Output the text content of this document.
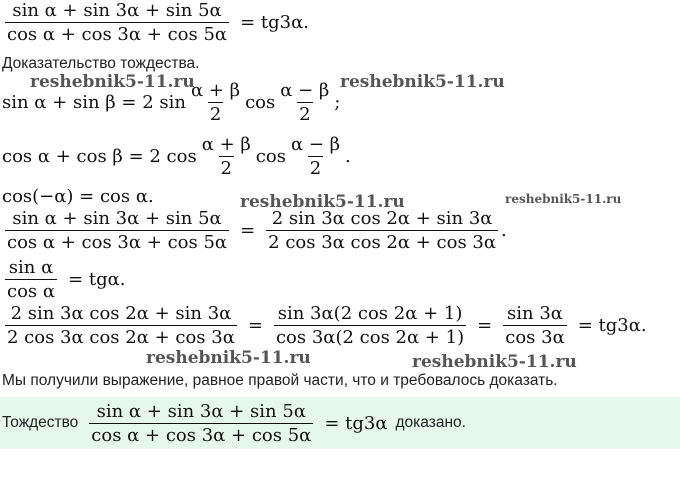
$\frac{\text{sin α + sin 3α + sin 5α}}{\text{cos α + cos 3α + cos 5α}} = tg3\alpha$.
Доказательство тождества.
sin α + sin β = 2 $\sin \frac{\alpha + \beta}{2}$ $\cos \frac{\alpha - \beta}{2}$ ;
cos α + cos β = 2 $\cos \frac{\alpha + \beta}{2}$ $\cos \frac{\alpha - \beta}{2}$ .
cos(−α) = cos α.
$\frac{\text{sin α + sin 3α + sin 5α}}{\text{cos α + cos 3α + cos 5α}} = \frac{\text{2 sin 3α cos 2α + sin 3α}}{\text{2 cos 3α cos 2α + cos 3α}}$ .
$\frac{\text{sin α}}{\text{cos α}} = tg\alpha$.
$\frac{\text{2 sin 3α cos 2α + sin 3α}}{\text{2 cos 3α cos 2α + cos 3α}} = \frac{\sin 3\alpha(2 \cos 2\alpha + 1)}{\cos 3\alpha(2 \cos 2\alpha + 1)} = \frac{\sin 3\alpha}{\cos 3\alpha} = tg3\alpha$.
Мы получили выражение, равное правой части, что и требовалось доказать.
Тождество $\frac{\text{sin α + sin 3α + sin 5α}}{\text{cos α + cos 3α + cos 5α}} = tg3\alpha$ доказано.
reshebnik5-11.ru	reshebnik5-11.ru
reshebnik5-11.ru	reshebnik5-11.ru
reshebnik5-11.ru	reshebnik5-11.ru
